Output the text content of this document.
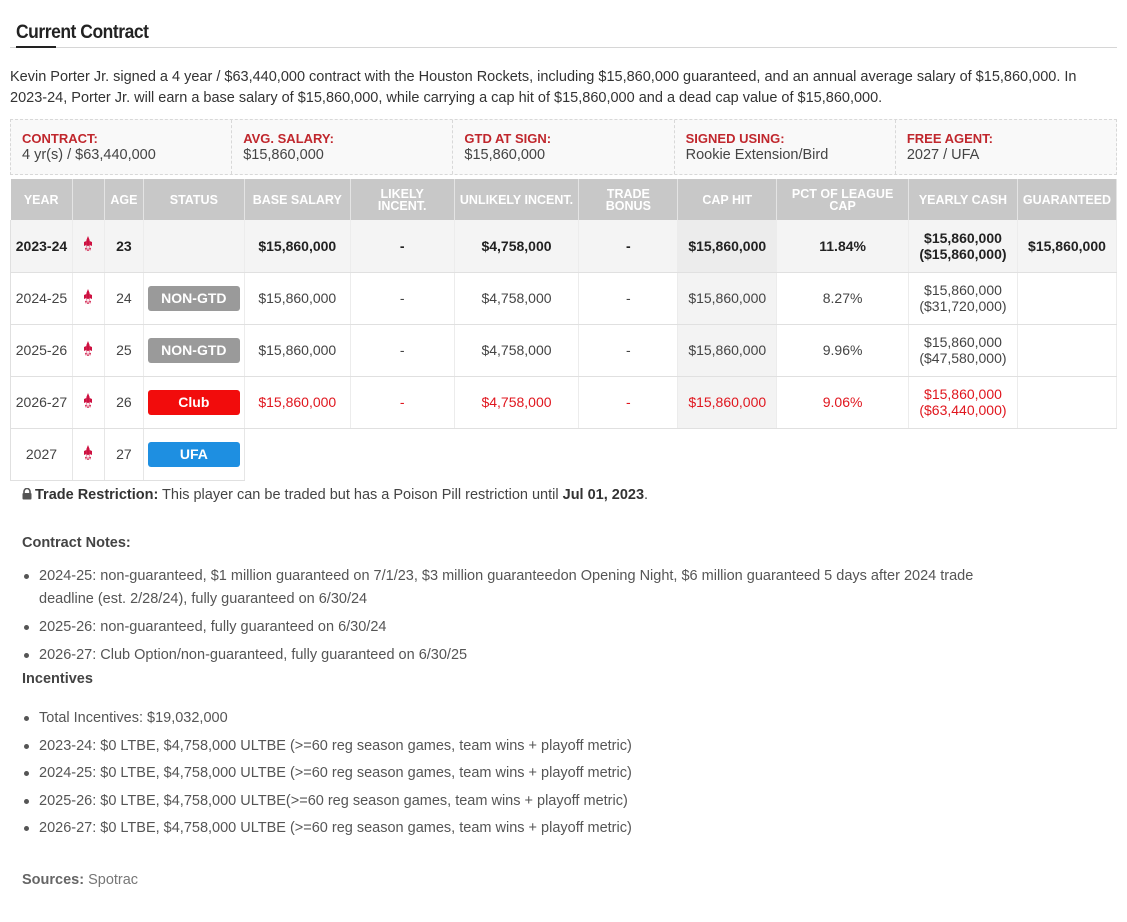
Current Contract

Kevin Porter Jr. signed a 4 year / $63,440,000 contract with the Houston Rockets, including $15,860,000 guaranteed, and an annual average salary of $15,860,000. In 2023-24, Porter Jr. will earn a base salary of $15,860,000, while carrying a cap hit of $15,860,000 and a dead cap value of $15,860,000.

CONTRACT:
4 yr(s) / $63,440,000
AVG. SALARY:
$15,860,000
GTD AT SIGN:
$15,860,000
SIGNED USING:
Rookie Extension/Bird
FREE AGENT:
2027 / UFA
YEAR		AGE	STATUS	BASE SALARY	LIKELY INCENT.	UNLIKELY INCENT.	TRADE BONUS	CAP HIT	PCT OF LEAGUE CAP	YEARLY CASH	GUARANTEED
2023-24		23		$15,860,000	-	$4,758,000	-	$15,860,000	11.84%	$15,860,000
($15,860,000)	$15,860,000
2024-25		24	NON-GTD	$15,860,000	-	$4,758,000	-	$15,860,000	8.27%	$15,860,000
($31,720,000)	

2025-26		25	NON-GTD	$15,860,000	-	$4,758,000	-	$15,860,000	9.96%	$15,860,000
($47,580,000)	

2026-27		26	Club	$15,860,000	-	$4,758,000	-	$15,860,000	9.06%	$15,860,000
($63,440,000)	

2027		27	UFA								
Trade Restriction: This player can be traded but has a Poison Pill restriction until Jul 01, 2023.
Contract Notes:
2024-25: non-guaranteed, $1 million guaranteed on 7/1/23, $3 million guaranteedon Opening Night, $6 million guaranteed 5 days after 2024 trade deadline (est. 2/28/24), fully guaranteed on 6/30/24
2025-26: non-guaranteed, fully guaranteed on 6/30/24
2026-27: Club Option/non-guaranteed, fully guaranteed on 6/30/25
Incentives
Total Incentives: $19,032,000
2023-24: $0 LTBE, $4,758,000 ULTBE (>=60 reg season games, team wins + playoff metric)
2024-25: $0 LTBE, $4,758,000 ULTBE (>=60 reg season games, team wins + playoff metric)
2025-26: $0 LTBE, $4,758,000 ULTBE(>=60 reg season games, team wins + playoff metric)
2026-27: $0 LTBE, $4,758,000 ULTBE (>=60 reg season games, team wins + playoff metric)
Sources: Spotrac
